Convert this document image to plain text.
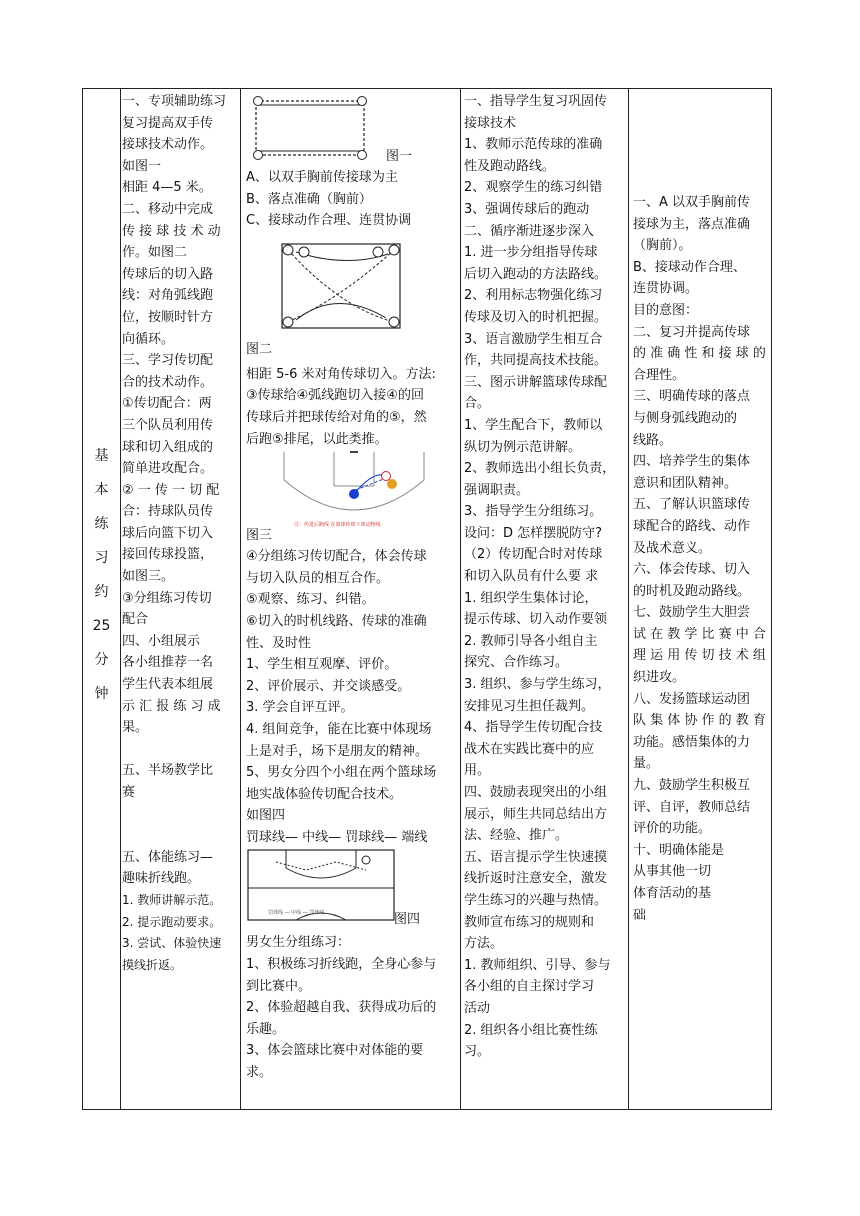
基
本
练
习
约
25
分
钟
一、专项辅助练习
复习提高双手传
接球技术动作。
如图一
相距 4—5 米。
二、移动中完成
传 接 球 技 术 动
作。如图二
传球后的切入路
线：对角弧线跑
位，按顺时针方
向循环。
三、学习传切配
合的技术动作。
①传切配合：两
三个队员利用传
球和切入组成的
简单进攻配合。
② 一 传 一 切 配
合：持球队员传
球后向篮下切入
接回传球投篮，
如图三。
③分组练习传切
配合
四、小组展示
各小组推荐一名
学生代表本组展
示 汇 报 练 习 成
果。

五、半场教学比
赛

五、体能练习—
趣味折线跑。
1. 教师讲解示范。
2. 提示跑动要求。
3. 尝试、体验快速
摸线折返。
图一
A、以双手胸前传接球为主
B、落点准确（胸前）
C、接球动作合理、连贯协调
图二
相距 5-6 米对角传球切入。方法:
③传球给④弧线跑切入接④的回
传球后并把球传给对角的⑤，然
后跑⑤排尾，以此类推。
注：传进后跑线 在篮球传球下球动物线
图三
④分组练习传切配合，体会传球
与切入队员的相互合作。
⑤观察、练习、纠错。
⑥切入的时机线路、传球的准确
性、及时性
1、学生相互观摩、评价。
2、评价展示、并交谈感受。
3. 学会自评互评。
4. 组间竞争，能在比赛中体现场
上是对手，场下是朋友的精神。
5、男女分四个小组在两个篮球场
地实战体验传切配合技术。
如图四
罚球线— 中线— 罚球线— 端线
罚球线 — 中线 — 罚球线	图四
男女生分组练习：
1、积极练习折线跑，全身心参与
到比赛中。
2、体验超越自我、获得成功后的
乐趣。
3、体会篮球比赛中对体能的要
求。
一、指导学生复习巩固传
接球技术
1、教师示范传球的准确
性及跑动路线。
2、观察学生的练习纠错
3、强调传球后的跑动
二、循序渐进逐步深入
1. 进一步分组指导传球
后切入跑动的方法路线。
2、利用标志物强化练习
传球及切入的时机把握。
3、语言激励学生相互合
作，共同提高技术技能。
三、图示讲解篮球传球配
合。
1、学生配合下，教师以
纵切为例示范讲解。
2、教师选出小组长负责，
强调职责。
3、指导学生分组练习。
设问：D 怎样摆脱防守?
（2）传切配合时对传球
和切入队员有什么要 求
1. 组织学生集体讨论，
提示传球、切入动作要领
2. 教师引导各小组自主
探究、合作练习。
3. 组织、参与学生练习，
安排见习生担任裁判。
4、指导学生传切配合技
战术在实践比赛中的应
用。
四、鼓励表现突出的小组
展示，师生共同总结出方
法、经验、推广。
五、语言提示学生快速摸
线折返时注意安全，激发
学生练习的兴趣与热情。
教师宣布练习的规则和
方法。
1. 教师组织、引导、参与
各小组的自主探讨学习
活动
2. 组织各小组比赛性练
习。
一、A 以双手胸前传
接球为主，落点准确
（胸前）。
B、接球动作合理、
连贯协调。
目的意图：
二、复习并提高传球
的 准 确 性 和 接 球 的
合理性。
三、明确传球的落点
与侧身弧线跑动的
线路。
四、培养学生的集体
意识和团队精神。
五、了解认识篮球传
球配合的路线、动作
及战术意义。
六、体会传球、切入
的时机及跑动路线。
七、鼓励学生大胆尝
试 在 教 学 比 赛 中 合
理 运 用 传 切 技 术 组
织进攻。
八、发扬篮球运动团
队 集 体 协 作 的 教 育
功能。感悟集体的力
量。
九、鼓励学生积极互
评、自评，教师总结
评价的功能。
十、明确体能是
从事其他一切
体育活动的基
础
